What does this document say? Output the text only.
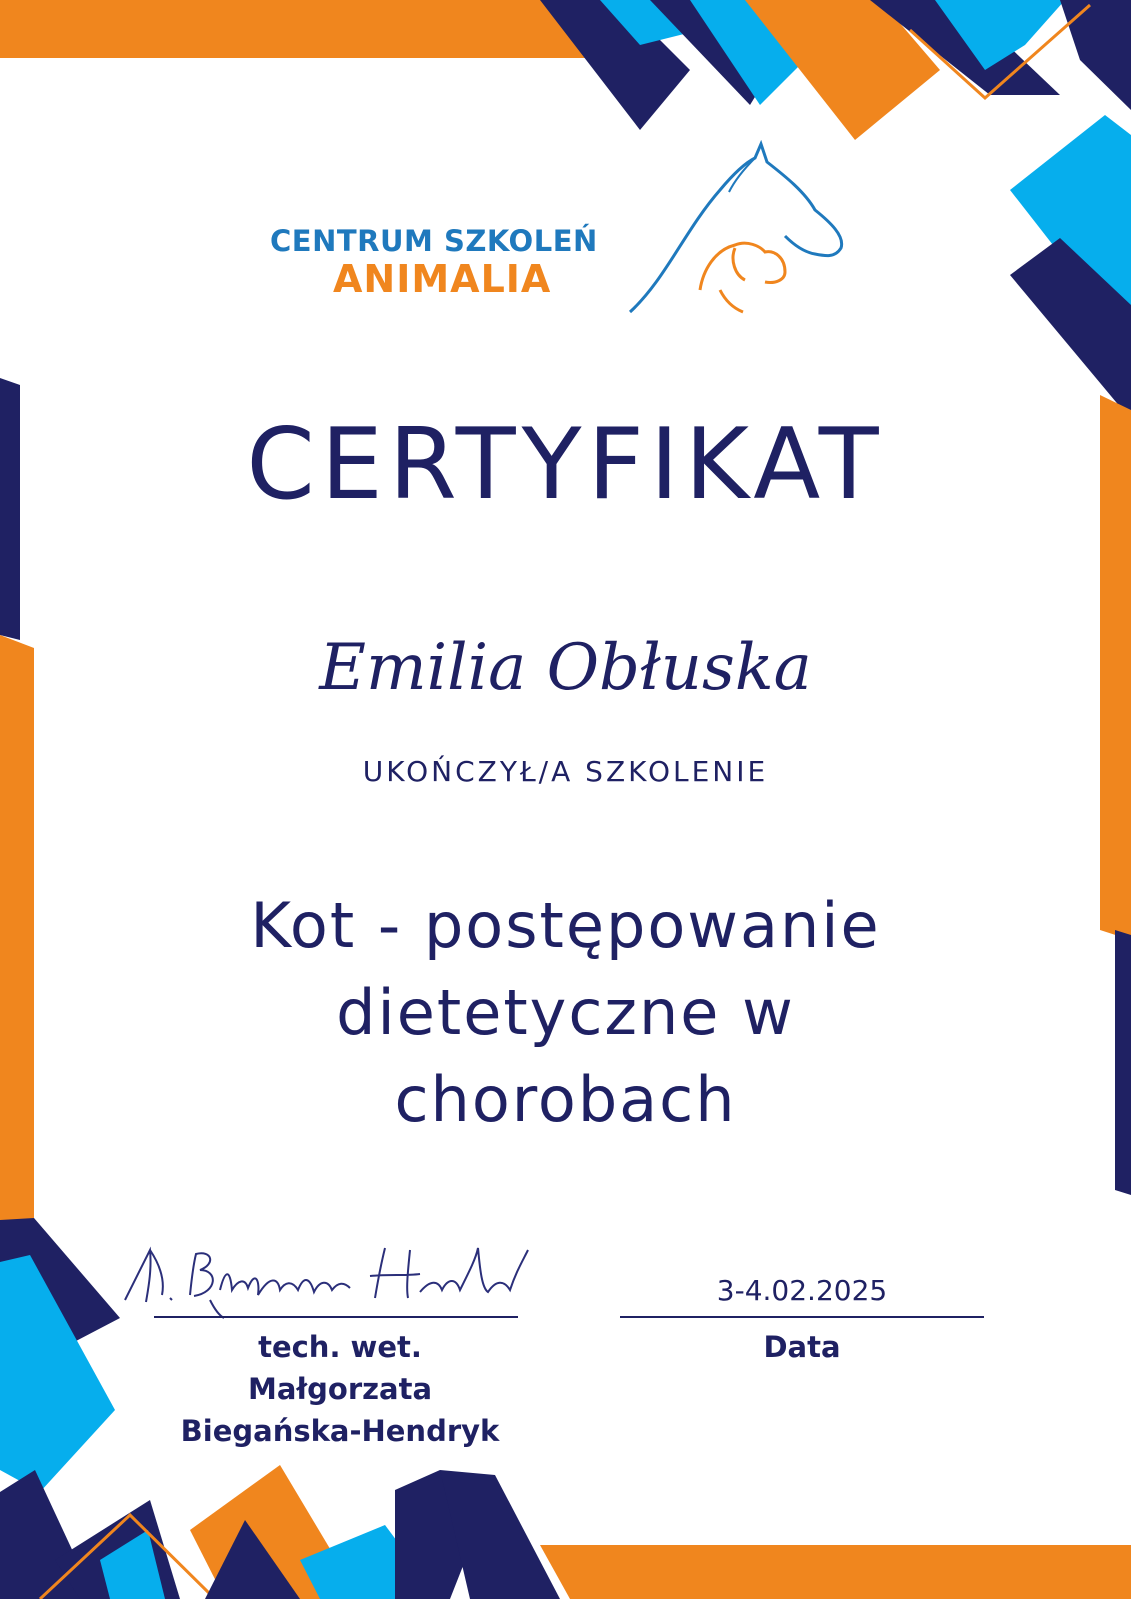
CENTRUM SZKOLEŃ
ANIMALIA
CERTYFIKAT
Emilia Obłuska
UKOŃCZYŁ/A SZKOLENIE
Kot - postępowanie
dietetyczne w
chorobach
tech. wet.
Małgorzata
Biegańska-Hendryk
3-4.02.2025
Data
